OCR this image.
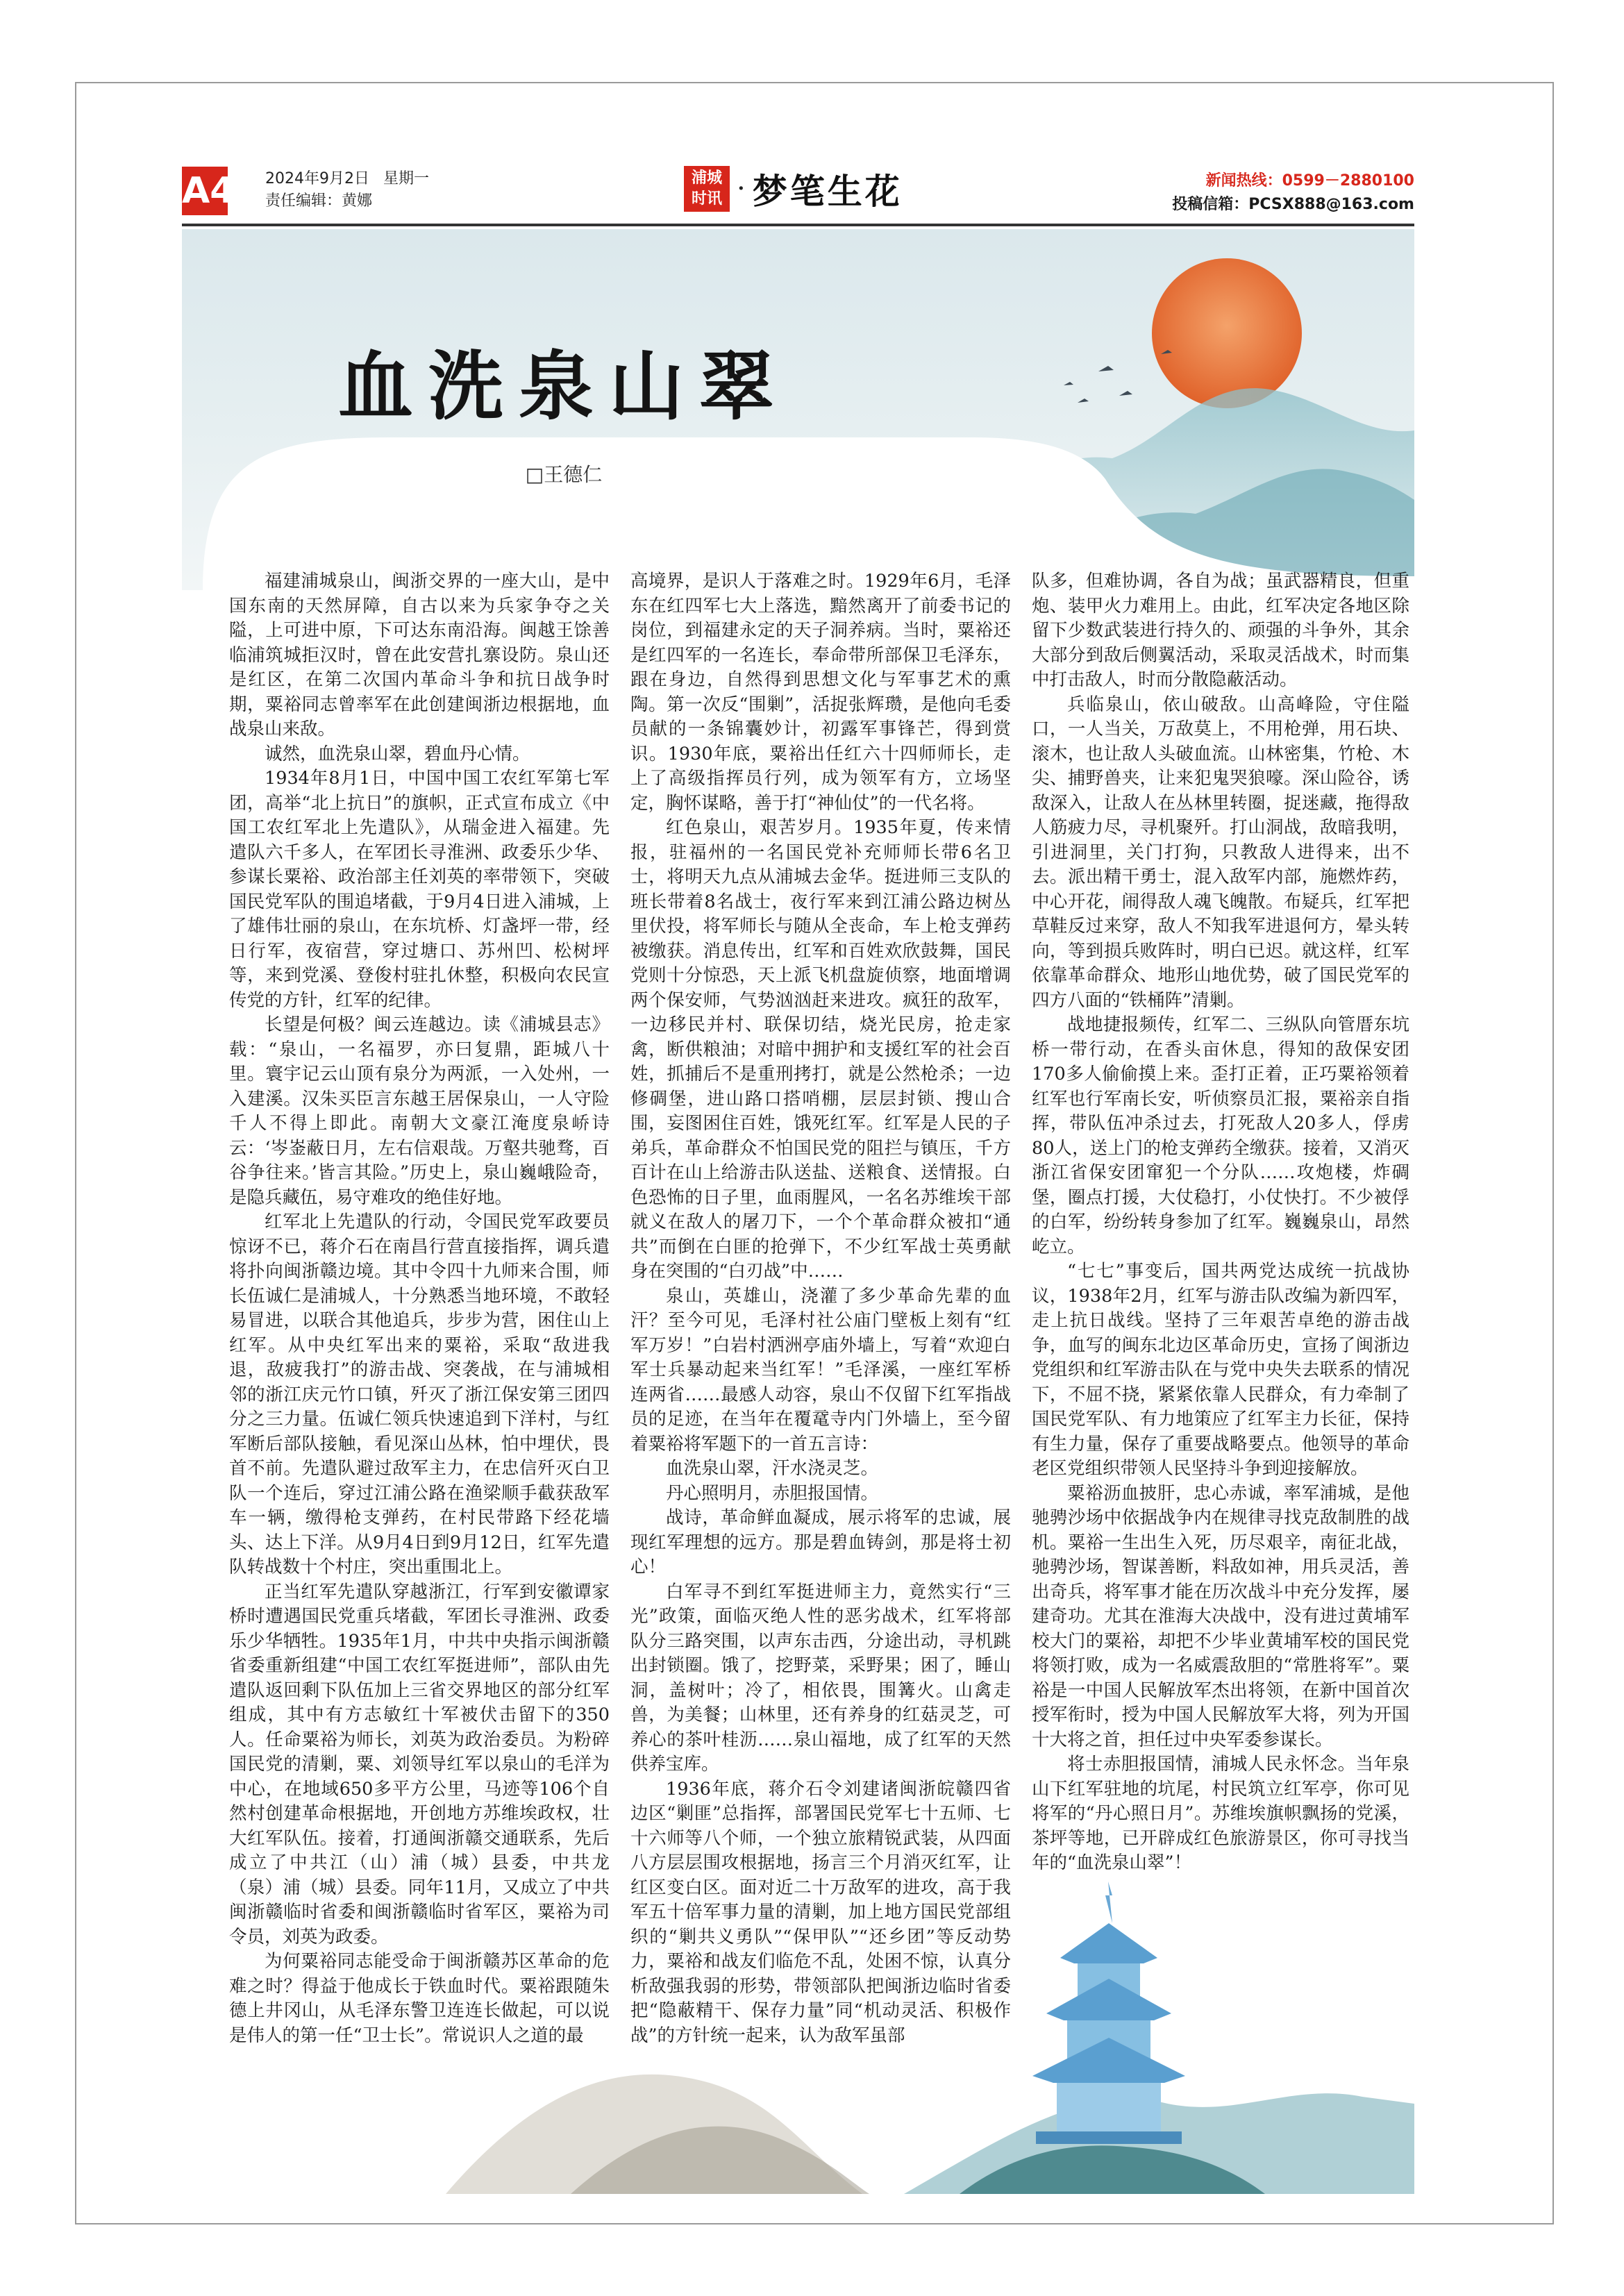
A4 2024年9月2日 星期一
责任编辑：黄娜
浦城
时讯 · 梦笔生花	新闻热线：0599－2880100
投稿信箱：PCSX888@163.com
血洗泉山翠
□王德仁

福建浦城泉山，闽浙交界的一座大山，是中国东南的天然屏障，自古以来为兵家争夺之关隘，上可进中原，下可达东南沿海。闽越王馀善临浦筑城拒汉时，曾在此安营扎寨设防。泉山还是红区，在第二次国内革命斗争和抗日战争时期，粟裕同志曾率军在此创建闽浙边根据地，血战泉山来敌。

诚然，血洗泉山翠，碧血丹心情。

1934年8月1日，中国中国工农红军第七军团，高举“北上抗日”的旗帜，正式宣布成立《中国工农红军北上先遣队》，从瑞金进入福建。先遣队六千多人，在军团长寻淮洲、政委乐少华、参谋长粟裕、政治部主任刘英的率带领下，突破国民党军队的围追堵截，于9月4日进入浦城，上了雄伟壮丽的泉山，在东坑桥、灯盏坪一带，经日行军，夜宿营，穿过塘口、苏州凹、松树坪等，来到党溪、登俊村驻扎休整，积极向农民宣传党的方针，红军的纪律。

长望是何极？闽云连越边。读《浦城县志》载：“泉山，一名福罗，亦曰复鼎，距城八十里。寰宇记云山顶有泉分为两派，一入处州，一入建溪。汉朱买臣言东越王居保泉山，一人守险千人不得上即此。南朝大文豪江淹度泉峤诗云：‘岑崟蔽日月，左右信艰哉。万壑共驰骛，百谷争往来。’皆言其险。”历史上，泉山巍峨险奇，是隐兵藏伍，易守难攻的绝佳好地。

红军北上先遣队的行动，令国民党军政要员惊讶不已，蒋介石在南昌行营直接指挥，调兵遣将扑向闽浙赣边境。其中令四十九师来合围，师长伍诚仁是浦城人，十分熟悉当地环境，不敢轻易冒进，以联合其他追兵，步步为营，困住山上红军。从中央红军出来的粟裕，采取“敌进我退，敌疲我打”的游击战、突袭战，在与浦城相邻的浙江庆元竹口镇，歼灭了浙江保安第三团四分之三力量。伍诚仁领兵快速追到下洋村，与红军断后部队接触，看见深山丛林，怕中埋伏，畏首不前。先遣队避过敌军主力，在忠信歼灭白卫队一个连后，穿过江浦公路在渔梁顺手截获敌军车一辆，缴得枪支弹药，在村民带路下经花墙头、达上下洋。从9月4日到9月12日，红军先遣队转战数十个村庄，突出重围北上。

正当红军先遣队穿越浙江，行军到安徽谭家桥时遭遇国民党重兵堵截，军团长寻淮洲、政委乐少华牺牲。1935年1月，中共中央指示闽浙赣省委重新组建“中国工农红军挺进师”，部队由先遣队返回剩下队伍加上三省交界地区的部分红军组成，其中有方志敏红十军被伏击留下的350人。任命粟裕为师长，刘英为政治委员。为粉碎国民党的清剿，粟、刘领导红军以泉山的毛洋为中心，在地域650多平方公里，马迹等106个自然村创建革命根据地，开创地方苏维埃政权，壮大红军队伍。接着，打通闽浙赣交通联系，先后成立了中共江（山）浦（城）县委，中共龙（泉）浦（城）县委。同年11月，又成立了中共闽浙赣临时省委和闽浙赣临时省军区，粟裕为司令员，刘英为政委。

为何粟裕同志能受命于闽浙赣苏区革命的危难之时？得益于他成长于铁血时代。粟裕跟随朱德上井冈山，从毛泽东警卫连连长做起，可以说是伟人的第一任“卫士长”。常说识人之道的最

高境界，是识人于落难之时。1929年6月，毛泽东在红四军七大上落选，黯然离开了前委书记的岗位，到福建永定的天子洞养病。当时，粟裕还是红四军的一名连长，奉命带所部保卫毛泽东，跟在身边，自然得到思想文化与军事艺术的熏陶。第一次反“围剿”，活捉张辉瓒，是他向毛委员献的一条锦囊妙计，初露军事锋芒，得到赏识。1930年底，粟裕出任红六十四师师长，走上了高级指挥员行列，成为领军有方，立场坚定，胸怀谋略，善于打“神仙仗”的一代名将。

红色泉山，艰苦岁月。1935年夏，传来情报，驻福州的一名国民党补充师师长带6名卫士，将明天九点从浦城去金华。挺进师三支队的班长带着8名战士，夜行军来到江浦公路边树丛里伏投，将军师长与随从全丧命，车上枪支弹药被缴获。消息传出，红军和百姓欢欣鼓舞，国民党则十分惊恐，天上派飞机盘旋侦察，地面增调两个保安师，气势汹汹赶来进攻。疯狂的敌军，一边移民并村、联保切结，烧光民房，抢走家禽，断供粮油；对暗中拥护和支援红军的社会百姓，抓捕后不是重刑拷打，就是公然枪杀；一边修碉堡，进山路口搭哨棚，层层封锁、搜山合围，妄图困住百姓，饿死红军。红军是人民的子弟兵，革命群众不怕国民党的阻拦与镇压，千方百计在山上给游击队送盐、送粮食、送情报。白色恐怖的日子里，血雨腥风，一名名苏维埃干部就义在敌人的屠刀下，一个个革命群众被扣“通共”而倒在白匪的抢弹下，不少红军战士英勇献身在突围的“白刃战”中……

泉山，英雄山，浇灌了多少革命先辈的血汗？至今可见，毛泽村社公庙门壁板上刻有“红军万岁！”白岩村洒洲亭庙外墙上，写着“欢迎白军士兵暴动起来当红军！”毛泽溪，一座红军桥连两省……最感人动容，泉山不仅留下红军指战员的足迹，在当年在覆鼋寺内门外墙上，至今留着粟裕将军题下的一首五言诗：

血洗泉山翠，汗水浇灵芝。

丹心照明月，赤胆报国情。

战诗，革命鲜血凝成，展示将军的忠诚，展现红军理想的远方。那是碧血铸剑，那是将士初心！

白军寻不到红军挺进师主力，竟然实行“三光”政策，面临灭绝人性的恶劣战术，红军将部队分三路突围，以声东击西，分途出动，寻机跳出封锁圈。饿了，挖野菜，采野果；困了，睡山洞，盖树叶；冷了，相依畏，围篝火。山禽走兽，为美餐；山林里，还有养身的红菇灵芝，可养心的茶叶桂沥……泉山福地，成了红军的天然供养宝库。

1936年底，蒋介石令刘建诸闽浙皖赣四省边区“剿匪”总指挥，部署国民党军七十五师、七十六师等八个师，一个独立旅精锐武装，从四面八方层层围攻根据地，扬言三个月消灭红军，让红区变白区。面对近二十万敌军的进攻，高于我军五十倍军事力量的清剿，加上地方国民党部组织的“剿共义勇队”“保甲队”“还乡团”等反动势力，粟裕和战友们临危不乱，处困不惊，认真分析敌强我弱的形势，带领部队把闽浙边临时省委把“隐蔽精干、保存力量”同“机动灵活、积极作战”的方针统一起来，认为敌军虽部

队多，但难协调，各自为战；虽武器精良，但重炮、装甲火力难用上。由此，红军决定各地区除留下少数武装进行持久的、顽强的斗争外，其余大部分到敌后侧翼活动，采取灵活战术，时而集中打击敌人，时而分散隐蔽活动。

兵临泉山，依山破敌。山高峰险，守住隘口，一人当关，万敌莫上，不用枪弹，用石块、滚木，也让敌人头破血流。山林密集，竹枪、木尖、捕野兽夹，让来犯鬼哭狼嚎。深山险谷，诱敌深入，让敌人在丛林里转圈，捉迷藏，拖得敌人筋疲力尽，寻机聚歼。打山洞战，敌暗我明，引进洞里，关门打狗，只教敌人进得来，出不去。派出精干勇士，混入敌军内部，施燃炸药，中心开花，闹得敌人魂飞魄散。布疑兵，红军把草鞋反过来穿，敌人不知我军进退何方，晕头转向，等到损兵败阵时，明白已迟。就这样，红军依靠革命群众、地形山地优势，破了国民党军的四方八面的“铁桶阵”清剿。

战地捷报频传，红军二、三纵队向管厝东坑桥一带行动，在香头亩休息，得知的敌保安团170多人偷偷摸上来。歪打正着，正巧粟裕领着红军也行军南长安，听侦察员汇报，粟裕亲自指挥，带队伍冲杀过去，打死敌人20多人，俘虏80人，送上门的枪支弹药全缴获。接着，又消灭浙江省保安团窜犯一个分队……攻炮楼，炸碉堡，圈点打援，大仗稳打，小仗快打。不少被俘的白军，纷纷转身参加了红军。巍巍泉山，昂然屹立。

“七七”事变后，国共两党达成统一抗战协议，1938年2月，红军与游击队改编为新四军，走上抗日战线。坚持了三年艰苦卓绝的游击战争，血写的闽东北边区革命历史，宣扬了闽浙边党组织和红军游击队在与党中央失去联系的情况下，不屈不挠，紧紧依靠人民群众，有力牵制了国民党军队、有力地策应了红军主力长征，保持有生力量，保存了重要战略要点。他领导的革命老区党组织带领人民坚持斗争到迎接解放。

粟裕沥血披肝，忠心赤诚，率军浦城，是他驰骋沙场中依据战争内在规律寻找克敌制胜的战机。粟裕一生出生入死，历尽艰辛，南征北战，驰骋沙场，智谋善断，料敌如神，用兵灵活，善出奇兵，将军事才能在历次战斗中充分发挥，屡建奇功。尤其在淮海大决战中，没有进过黄埔军校大门的粟裕，却把不少毕业黄埔军校的国民党将领打败，成为一名威震敌胆的“常胜将军”。粟裕是一中国人民解放军杰出将领，在新中国首次授军衔时，授为中国人民解放军大将，列为开国十大将之首，担任过中央军委参谋长。

将士赤胆报国情，浦城人民永怀念。当年泉山下红军驻地的坑尾，村民筑立红军亭，你可见将军的“丹心照日月”。苏维埃旗帜飘扬的党溪，茶坪等地，已开辟成红色旅游景区，你可寻找当年的“血洗泉山翠”！
